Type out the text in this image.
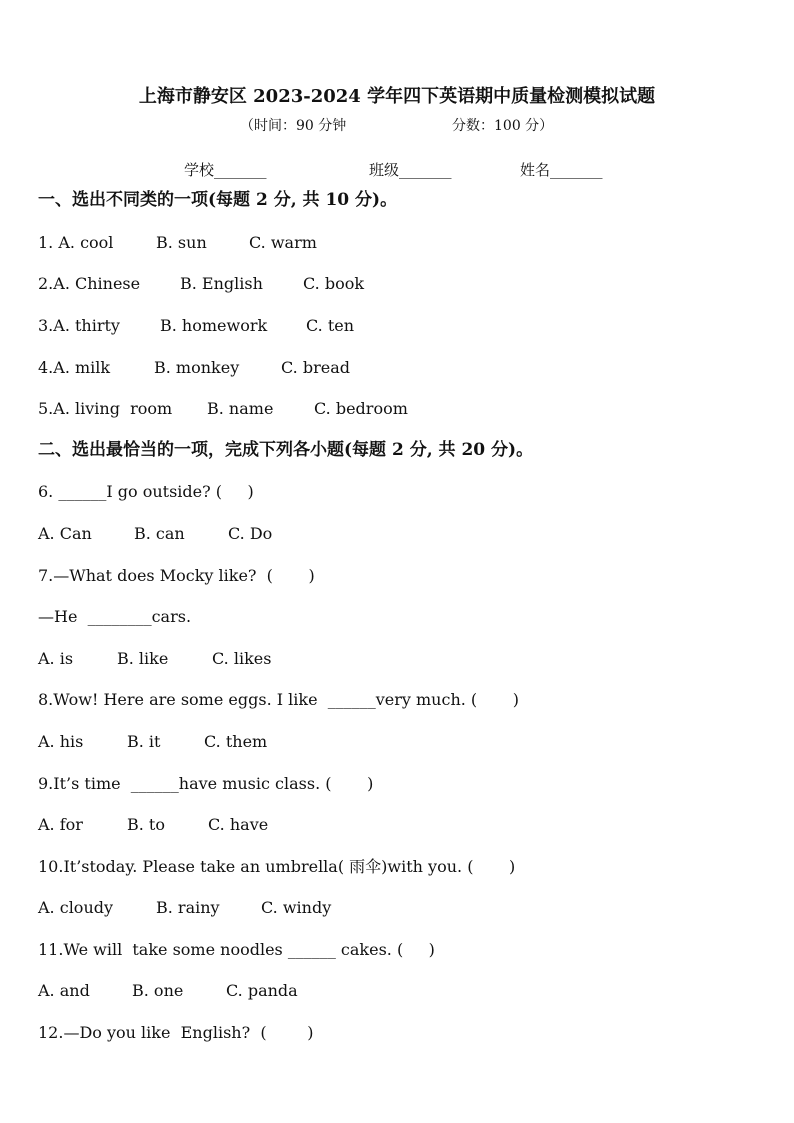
上海市静安区 2023-2024 学年四下英语期中质量检测模拟试题
（时间：90 分钟	分数：100 分）
学校_______	班级_______	姓名_______
一、选出不同类的一项(每题 2 分, 共 10 分)。
1. A. cool	B. sun	C. warm
2.A. Chinese B. English	C. book
3.A. thirty	B. homework C. ten
4.A. milk	B. monkey	C. bread
5.A. living  room B. name	C. bedroom
二、选出最恰当的一项，完成下列各小题(每题 2 分, 共 20 分)。
6. ______I go outside? (     )
A. Can	B. can	C. Do
7.—What does Mocky like?  (       )
—He  ________cars.
A. is	B. like	C. likes
8.Wow! Here are some eggs. I like  ______very much. (       )
A. his	B. it	C. them
9.It’s time  ______have music class. (       )
A. for	B. to	C. have
10.It’stoday. Please take an umbrella( 雨伞)with you. (       )
A. cloudy	B. rainy	C. windy
11.We will  take some noodles ______ cakes. (     )
A. and	B. one	C. panda
12.—Do you like  English?  (        )
